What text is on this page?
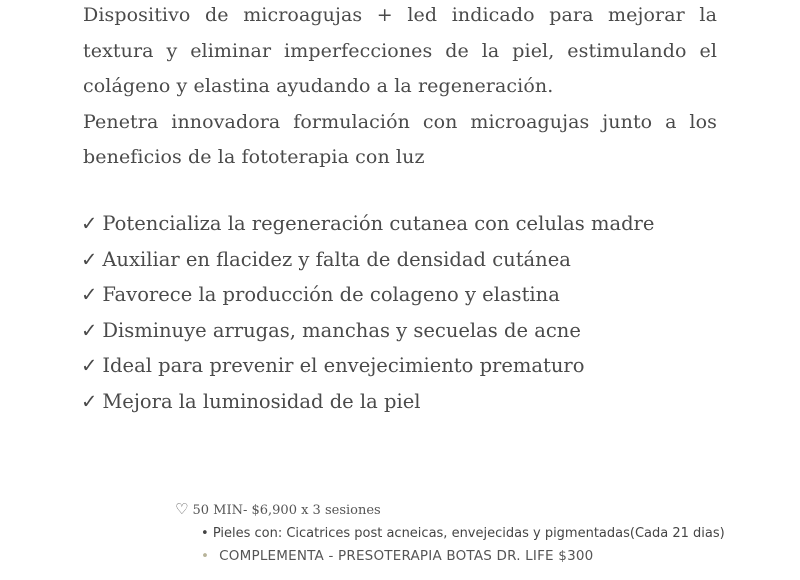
Dispositivo de microagujas + led indicado para mejorar la textura y eliminar imperfecciones de la piel, estimulando el colágeno y elastina ayudando a la regeneración.

Penetra innovadora formulación con microagujas junto a los beneficios de la fototerapia con luz

✓ Potencializa la regeneración cutanea con celulas madre
✓ Auxiliar en flacidez y falta de densidad cutánea
✓ Favorece la producción de colageno y elastina
✓ Disminuye arrugas, manchas y secuelas de acne
✓ Ideal para prevenir el envejecimiento prematuro
✓ Mejora la luminosidad de la piel
♡ 50 MIN- $6,900 x 3 sesiones
• Pieles con: Cicatrices post acneicas, envejecidas y pigmentadas(Cada 21 dias)
• COMPLEMENTA - PRESOTERAPIA BOTAS DR. LIFE $300
